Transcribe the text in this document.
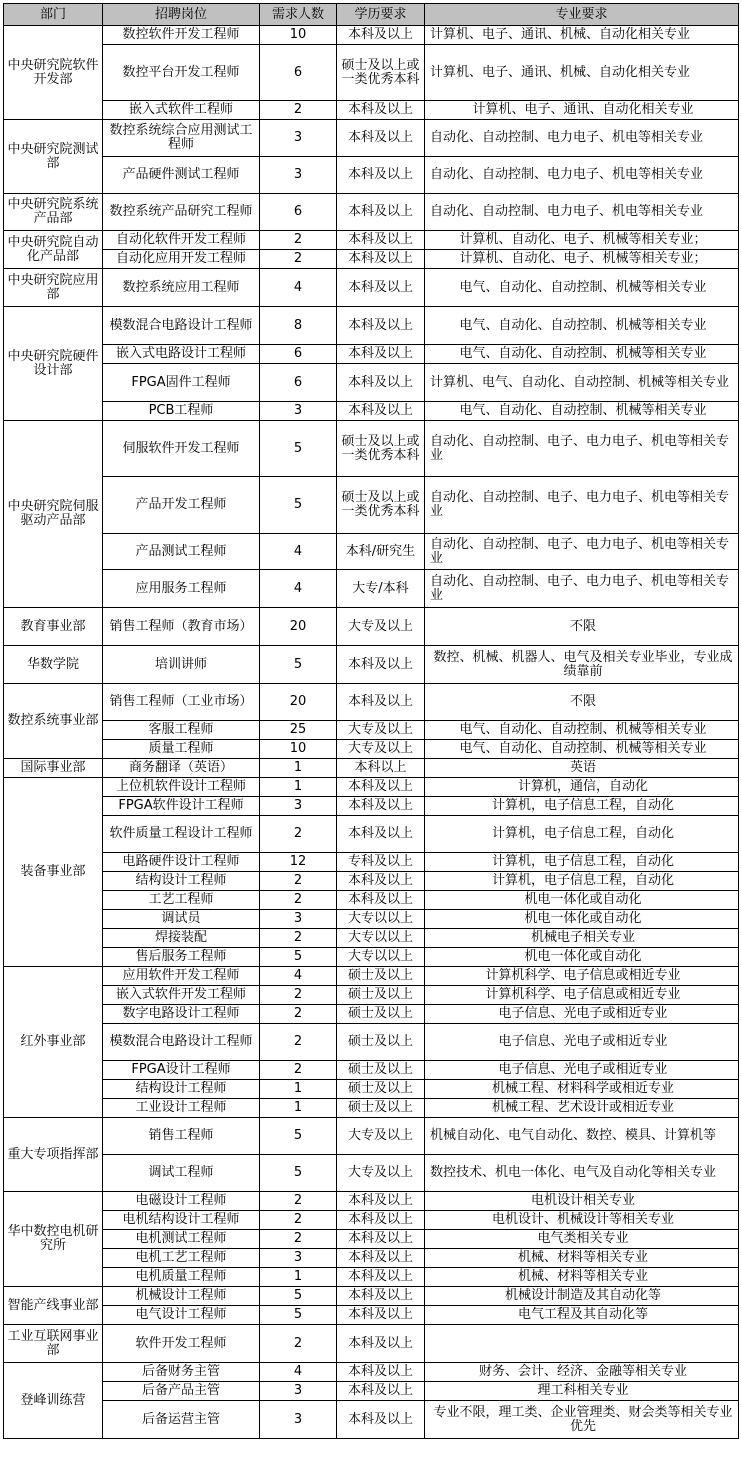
部门	招聘岗位	需求人数	学历要求	专业要求
中央研究院软件开发部	数控软件开发工程师	10	本科及以上	计算机、电子、通讯、机械、自动化相关专业
	数控平台开发工程师	6	硕士及以上或一类优秀本科	计算机、电子、通讯、机械、自动化相关专业
	嵌入式软件工程师	2	本科及以上	计算机、电子、通讯、自动化相关专业
中央研究院测试部	数控系统综合应用测试工程师	3	本科及以上	自动化、自动控制、电力电子、机电等相关专业
	产品硬件测试工程师	3	本科及以上	自动化、自动控制、电力电子、机电等相关专业
中央研究院系统产品部	数控系统产品研究工程师	6	本科及以上	自动化、自动控制、电力电子、机电等相关专业
中央研究院自动化产品部	自动化软件开发工程师	2	本科及以上	计算机、自动化、电子、机械等相关专业；
	自动化应用开发工程师	2	本科及以上	计算机、自动化、电子、机械等相关专业；
中央研究院应用部	数控系统应用工程师	4	本科及以上	电气、自动化、自动控制、机械等相关专业
中央研究院硬件设计部	模数混合电路设计工程师	8	本科及以上	电气、自动化、自动控制、机械等相关专业
	嵌入式电路设计工程师	6	本科及以上	电气、自动化、自动控制、机械等相关专业
	FPGA固件工程师	6	本科及以上	计算机、电气、自动化、自动控制、机械等相关专业
	PCB工程师	3	本科及以上	电气、自动化、自动控制、机械等相关专业
中央研究院伺服驱动产品部	伺服软件开发工程师	5	硕士及以上或一类优秀本科	自动化、自动控制、电子、电力电子、机电等相关专业
	产品开发工程师	5	硕士及以上或一类优秀本科	自动化、自动控制、电子、电力电子、机电等相关专业
	产品测试工程师	4	本科/研究生	自动化、自动控制、电子、电力电子、机电等相关专业
	应用服务工程师	4	大专/本科	自动化、自动控制、电子、电力电子、机电等相关专业
教育事业部	销售工程师（教育市场）	20	大专及以上	不限
华数学院	培训讲师	5	本科及以上	数控、机械、机器人、电气及相关专业毕业，专业成绩靠前
数控系统事业部	销售工程师（工业市场）	20	本科及以上	不限
	客服工程师	25	大专及以上	电气、自动化、自动控制、机械等相关专业
	质量工程师	10	大专及以上	电气、自动化、自动控制、机械等相关专业
国际事业部	商务翻译（英语）	1	本科以上	英语
装备事业部	上位机软件设计工程师	1	本科及以上	计算机，通信，自动化
	FPGA软件设计工程师	3	本科及以上	计算机，电子信息工程，自动化
	软件质量工程设计工程师	2	本科及以上	计算机，电子信息工程，自动化
	电路硬件设计工程师	12	专科及以上	计算机，电子信息工程，自动化
	结构设计工程师	2	本科及以上	计算机，电子信息工程，自动化
	工艺工程师	2	本科及以上	机电一体化或自动化
	调试员	3	大专以以上	机电一体化或自动化
	焊接装配	2	大专以以上	机械电子相关专业
	售后服务工程师	5	大专以以上	机电一体化或自动化
红外事业部	应用软件开发工程师	4	硕士及以上	计算机科学、电子信息或相近专业
	嵌入式软件开发工程师	2	硕士及以上	计算机科学、电子信息或相近专业
	数字电路设计工程师	2	硕士及以上	电子信息、光电子或相近专业
	模数混合电路设计工程师	2	硕士及以上	电子信息、光电子或相近专业
	FPGA设计工程师	2	硕士及以上	电子信息、光电子或相近专业
	结构设计工程师	1	硕士及以上	机械工程、材料科学或相近专业
	工业设计工程师	1	硕士及以上	机械工程、艺术设计或相近专业
重大专项指挥部	销售工程师	5	大专及以上	机械自动化、电气自动化、数控、模具、计算机等
	调试工程师	5	大专及以上	数控技术、机电一体化、电气及自动化等相关专业
华中数控电机研究所	电磁设计工程师	2	本科及以上	电机设计相关专业
	电机结构设计工程师	2	本科及以上	电机设计、机械设计等相关专业
	电机测试工程师	2	本科及以上	电气类相关专业
	电机工艺工程师	3	本科及以上	机械、材料等相关专业
	电机质量工程师	1	本科及以上	机械、材料等相关专业
智能产线事业部	机械设计工程师	5	本科及以上	机械设计制造及其自动化等
	电气设计工程师	5	本科及以上	电气工程及其自动化等
工业互联网事业部	软件开发工程师	2	本科及以上	
登峰训练营	后备财务主管	4	本科及以上	财务、会计、经济、金融等相关专业
	后备产品主管	3	本科及以上	理工科相关专业
	后备运营主管	3	本科及以上	专业不限，理工类、企业管理类、财会类等相关专业优先
